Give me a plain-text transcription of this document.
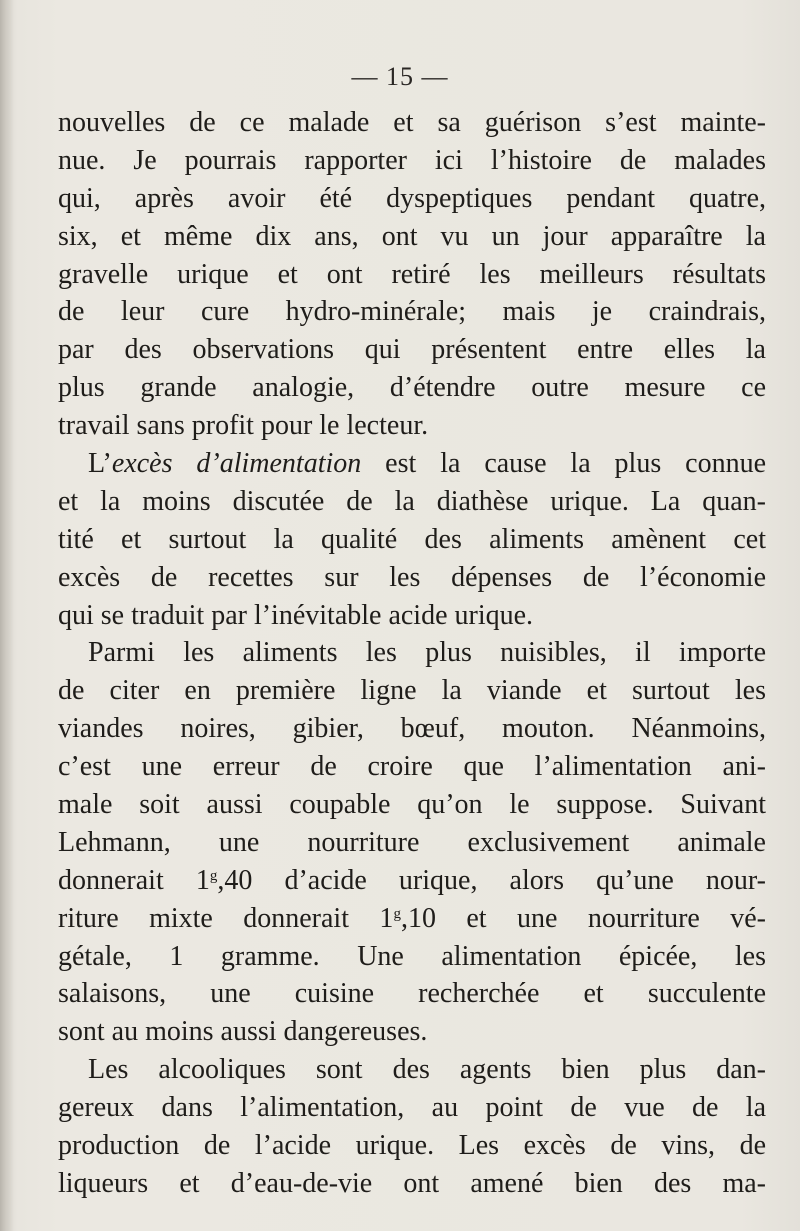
— 15 —
nouvelles de ce malade et sa guérison s’est mainte-
nue. Je pourrais rapporter ici l’histoire de malades
qui, après avoir été dyspeptiques pendant quatre,
six, et même dix ans, ont vu un jour apparaître la
gravelle urique et ont retiré les meilleurs résultats
de leur cure hydro-minérale; mais je craindrais,
par des observations qui présentent entre elles la
plus grande analogie, d’étendre outre mesure ce
travail sans profit pour le lecteur.
L’excès d’alimentation est la cause la plus connue
et la moins discutée de la diathèse urique. La quan-
tité et surtout la qualité des aliments amènent cet
excès de recettes sur les dépenses de l’économie
qui se traduit par l’inévitable acide urique.
Parmi les aliments les plus nuisibles, il importe
de citer en première ligne la viande et surtout les
viandes noires, gibier, bœuf, mouton. Néanmoins,
c’est une erreur de croire que l’alimentation ani-
male soit aussi coupable qu’on le suppose. Suivant
Lehmann, une nourriture exclusivement animale
donnerait 1$^g$,40 d’acide urique, alors qu’une nour-
riture mixte donnerait 1$^g$,10 et une nourriture vé-
gétale, 1 gramme. Une alimentation épicée, les
salaisons, une cuisine recherchée et succulente
sont au moins aussi dangereuses.
Les alcooliques sont des agents bien plus dan-
gereux dans l’alimentation, au point de vue de la
production de l’acide urique. Les excès de vins, de
liqueurs et d’eau-de-vie ont amené bien des ma-
